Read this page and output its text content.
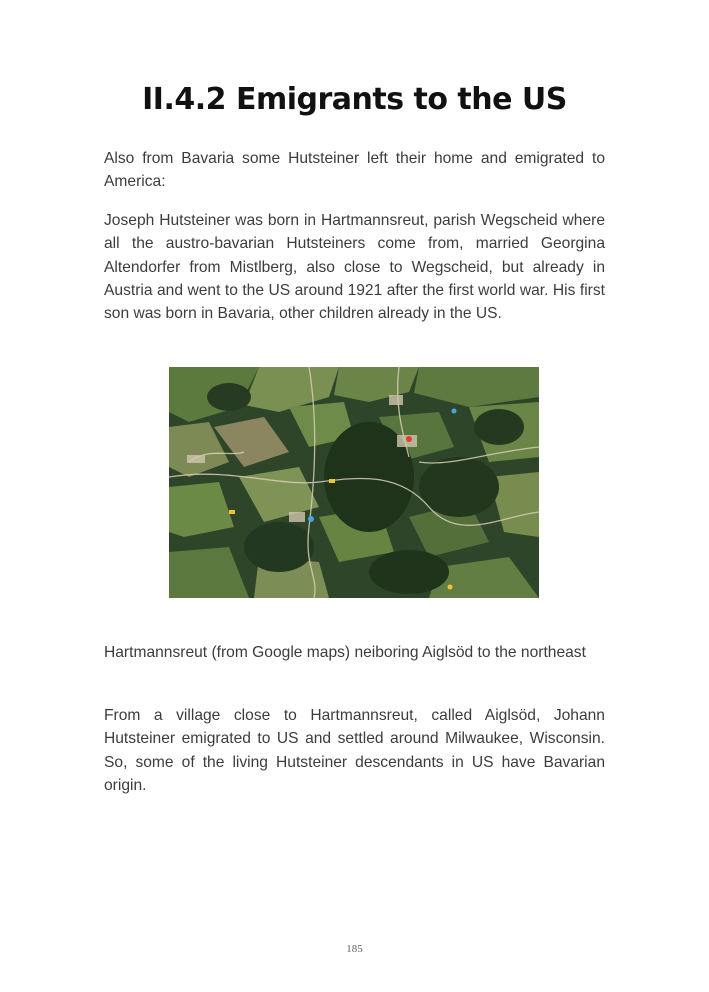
II.4.2 Emigrants to the US

Also from Bavaria some Hutsteiner left their home and emigrated to America:

Joseph Hutsteiner was born in Hartmannsreut, parish Wegscheid where all the austro-bavarian Hutsteiners come from, married Georgina Altendorfer from Mistlberg, also close to Wegscheid, but already in Austria and went to the US around 1921 after the first world war. His first son was born in Bavaria, other children already in the US.

Hartmannsreut (from Google maps) neiboring Aiglsöd to the northeast

From a village close to Hartmannsreut, called Aiglsöd, Johann Hutsteiner emigrated to US and settled around Milwaukee, Wisconsin. So, some of the living Hutsteiner descendants in US have Bavarian origin.

185
